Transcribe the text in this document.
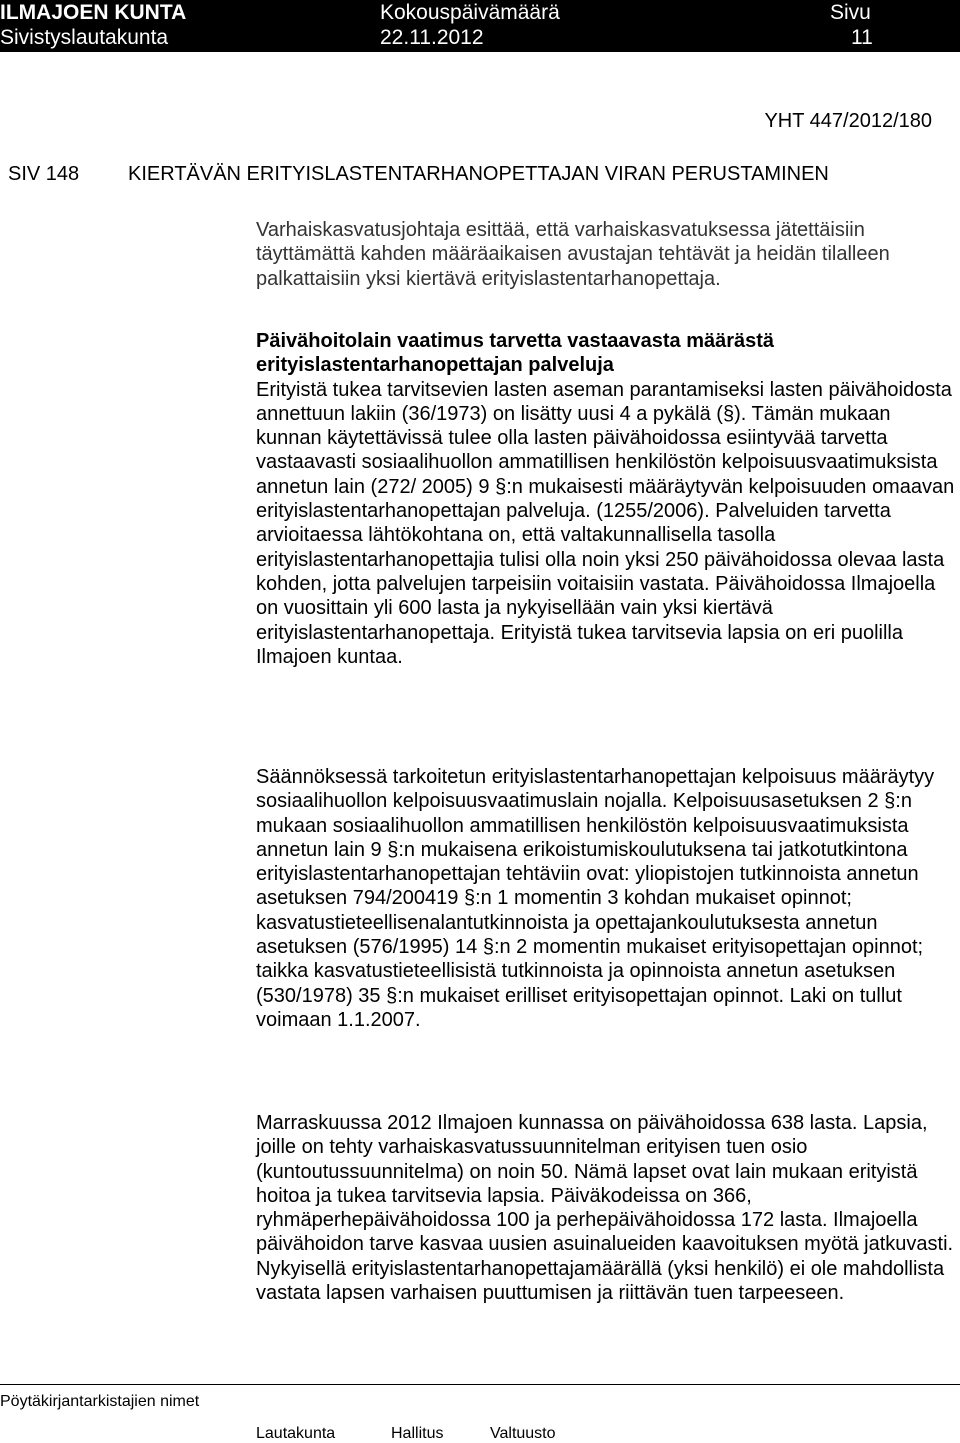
ILMAJOEN KUNTA
Sivistyslautakunta
Kokouspäivämäärä
22.11.2012
Sivu
11
YHT 447/2012/180
SIV 148 KIERTÄVÄN ERITYISLASTENTARHANOPETTAJAN VIRAN PERUSTAMINEN

Varhaiskasvatusjohtaja esittää, että varhaiskasvatuksessa jätettäisiin täyttämättä kahden määräaikaisen avustajan tehtävät ja heidän tilalleen palkattaisiin yksi kiertävä erityislastentarhanopettaja.

Päivähoitolain vaatimus tarvetta vastaavasta määrästä erityislastentarhanopettajan palveluja

Erityistä tukea tarvitsevien lasten aseman parantamiseksi lasten päivähoidosta annettuun lakiin (36/1973) on lisätty uusi 4 a pykälä (§). Tämän mukaan kunnan käytettävissä tulee olla lasten päivähoidossa esiintyvää tarvetta vastaavasti sosiaalihuollon ammatillisen henkilöstön kelpoisuusvaatimuksista annetun lain (272/ 2005) 9 §:n mukaisesti määräytyvän kelpoisuuden omaavan erityislastentarhanopettajan palveluja. (1255/2006). Palveluiden tarvetta arvioitaessa lähtökohtana on, että valtakunnallisella tasolla erityislastentarhanopettajia tulisi olla noin yksi 250 päivähoidossa olevaa lasta kohden, jotta palvelujen tarpeisiin voitaisiin vastata. Päivähoidossa Ilmajoella on vuosittain yli 600 lasta ja nykyisellään vain yksi kiertävä erityislastentarhanopettaja. Erityistä tukea tarvitsevia lapsia on eri puolilla Ilmajoen kuntaa.

Säännöksessä tarkoitetun erityislastentarhanopettajan kelpoisuus määräytyy sosiaalihuollon kelpoisuusvaatimuslain nojalla. Kelpoisuusasetuksen 2 §:n mukaan sosiaalihuollon ammatillisen henkilöstön kelpoisuusvaatimuksista annetun lain 9 §:n mukaisena erikoistumiskoulutuksena tai jatkotutkintona erityislastentarhanopettajan tehtäviin ovat: yliopistojen tutkinnoista annetun asetuksen 794/200419 §:n 1 momentin 3 kohdan mukaiset opinnot; kasvatustieteellisenalantutkinnoista ja opettajankoulutuksesta annetun asetuksen (576/1995) 14 §:n 2 momentin mukaiset erityisopettajan opinnot; taikka kasvatustieteellisistä tutkinnoista ja opinnoista annetun asetuksen (530/1978) 35 §:n mukaiset erilliset erityisopettajan opinnot. Laki on tullut voimaan 1.1.2007.

Marraskuussa 2012 Ilmajoen kunnassa on päivähoidossa 638 lasta. Lapsia, joille on tehty varhaiskasvatussuunnitelman erityisen tuen osio (kuntoutussuunnitelma) on noin 50. Nämä lapset ovat lain mukaan erityistä hoitoa ja tukea tarvitsevia lapsia. Päiväkodeissa on 366, ryhmäperhepäivähoidossa 100 ja perhepäivähoidossa 172 lasta. Ilmajoella päivähoidon tarve kasvaa uusien asuinalueiden kaavoituksen myötä jatkuvasti. Nykyisellä erityislastentarhanopettajamäärällä (yksi henkilö) ei ole mahdollista vastata lapsen varhaisen puuttumisen ja riittävän tuen tarpeeseen.

Pöytäkirjantarkistajien nimet
Lautakunta	Hallitus	Valtuusto
